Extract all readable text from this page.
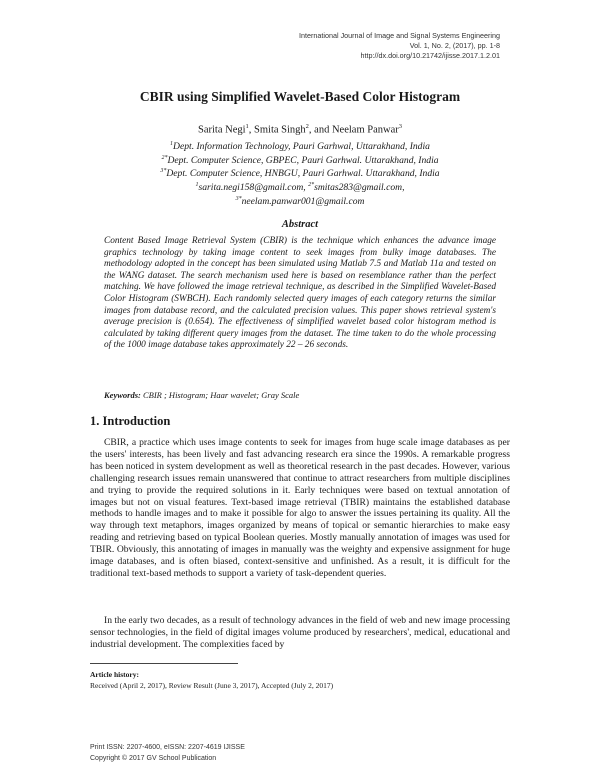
International Journal of Image and Signal Systems Engineering
Vol. 1, No. 2, (2017), pp. 1-8
http://dx.doi.org/10.21742/ijisse.2017.1.2.01
CBIR using Simplified Wavelet-Based Color Histogram
Sarita Negi$^1$, Smita Singh$^2$, and Neelam Panwar$^3$
$^1$Dept. Information Technology, Pauri Garhwal, Uttarakhand, India
$^{2*}$Dept. Computer Science, GBPEC, Pauri Garhwal. Uttarakhand, India
$^{3*}$Dept. Computer Science, HNBGU, Pauri Garhwal. Uttarakhand, India
$^1$sarita.negi158@gmail.com, $^{2*}$smitas283@gmail.com,
$^{3*}$neelam.panwar001@gmail.com
Abstract

Content Based Image Retrieval System (CBIR) is the technique which enhances the advance image graphics technology by taking image content to seek images from bulky image databases. The methodology adopted in the concept has been simulated using Matlab 7.5 and Matlab 11a and tested on the WANG dataset. The search mechanism used here is based on resemblance rather than the perfect matching. We have followed the image retrieval technique, as described in the Simplified Wavelet-Based Color Histogram (SWBCH). Each randomly selected query images of each category returns the similar images from database record, and the calculated precision values. This paper shows retrieval system's average precision is (0.654). The effectiveness of simplified wavelet based color histogram method is calculated by taking different query images from the dataset. The time taken to do the whole processing of the 1000 image database takes approximately 22 – 26 seconds.

Keywords: CBIR ; Histogram; Haar wavelet; Gray Scale
1. Introduction

CBIR, a practice which uses image contents to seek for images from huge scale image databases as per the users' interests, has been lively and fast advancing research era since the 1990s. A remarkable progress has been noticed in system development as well as theoretical research in the past decades. However, various challenging research issues remain unanswered that continue to attract researchers from multiple disciplines and trying to provide the required solutions in it. Early techniques were based on textual annotation of images but not on visual features. Text-based image retrieval (TBIR) maintains the established database methods to handle images and to make it possible for algo to answer the issues pertaining its quality. All the way through text metaphors, images organized by means of topical or semantic hierarchies to make easy reading and retrieving based on typical Boolean queries. Mostly manually annotation of images was used for TBIR. Obviously, this annotating of images in manually was the weighty and expensive assignment for huge image databases, and is often biased, context-sensitive and unfinished. As a result, it is difficult for the traditional text-based methods to support a variety of task-dependent queries.

In the early two decades, as a result of technology advances in the field of web and new image processing sensor technologies, in the field of digital images volume produced by researchers', medical, educational and industrial development. The complexities faced by

Article history:
Received (April 2, 2017), Review Result (June 3, 2017), Accepted (July 2, 2017)
Print ISSN: 2207-4600, eISSN: 2207-4619 IJISSE
Copyright © 2017 GV School Publication
